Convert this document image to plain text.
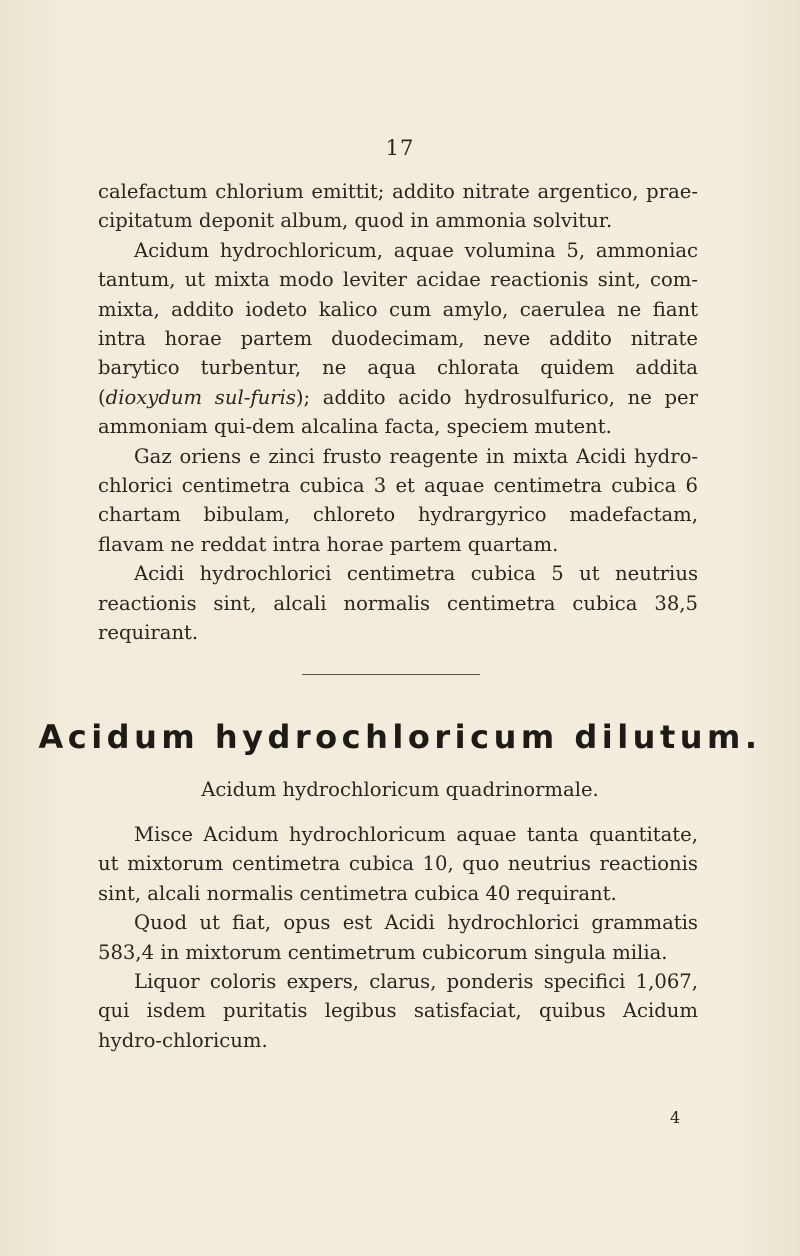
17

calefactum chlorium emittit; addito nitrate argentico, prae-cipitatum deponit album, quod in ammonia solvitur.

Acidum hydrochloricum, aquae volumina 5, ammoniac tantum, ut mixta modo leviter acidae reactionis sint, com-mixta, addito iodeto kalico cum amylo, caerulea ne fiant intra horae partem duodecimam, neve addito nitrate barytico turbentur, ne aqua chlorata quidem addita (dioxydum sul-furis); addito acido hydrosulfurico, ne per ammoniam qui-dem alcalina facta, speciem mutent.

Gaz oriens e zinci frusto reagente in mixta Acidi hydro-chlorici centimetra cubica 3 et aquae centimetra cubica 6 chartam bibulam, chloreto hydrargyrico madefactam, flavam ne reddat intra horae partem quartam.

Acidi hydrochlorici centimetra cubica 5 ut neutrius reactionis sint, alcali normalis centimetra cubica 38,5 requirant.

Acidum hydrochloricum dilutum.
Acidum hydrochloricum quadrinormale.

Misce Acidum hydrochloricum aquae tanta quantitate, ut mixtorum centimetra cubica 10, quo neutrius reactionis sint, alcali normalis centimetra cubica 40 requirant.

Quod ut fiat, opus est Acidi hydrochlorici grammatis 583,4 in mixtorum centimetrum cubicorum singula milia.

Liquor coloris expers, clarus, ponderis specifici 1,067, qui isdem puritatis legibus satisfaciat, quibus Acidum hydro-chloricum.

4
